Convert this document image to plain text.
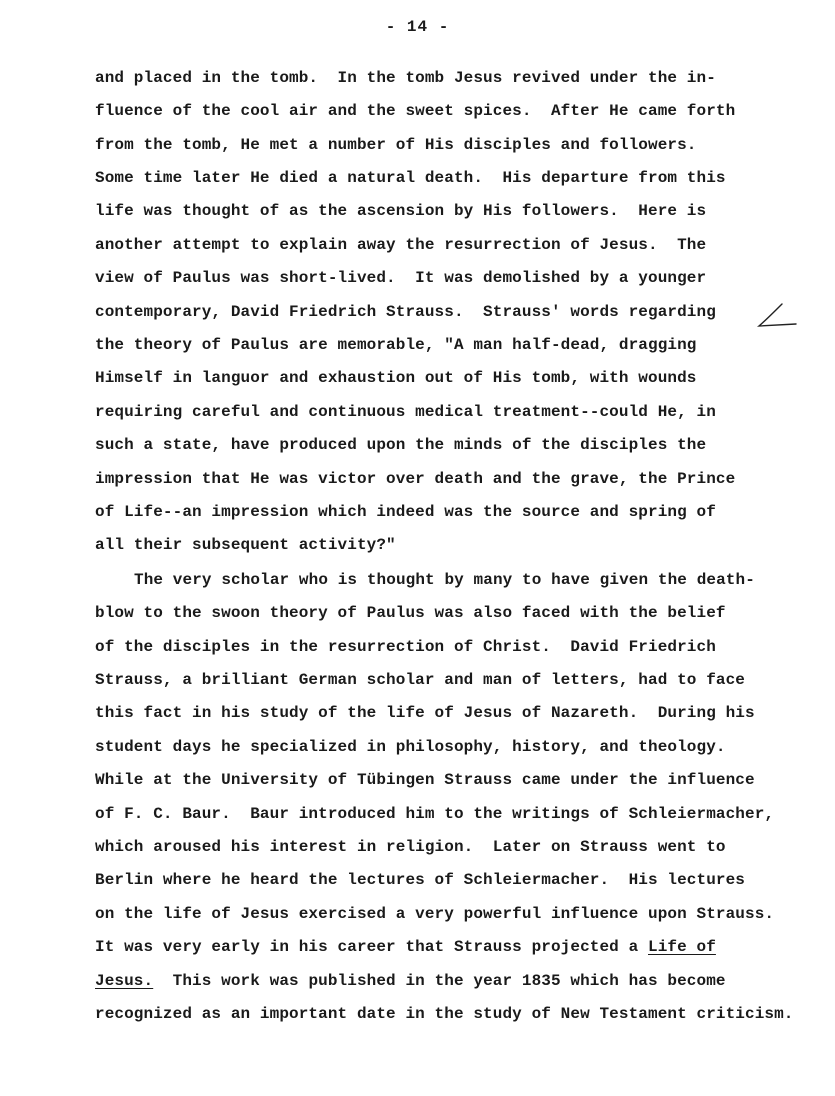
- 14 -
and placed in the tomb.  In the tomb Jesus revived under the in-
fluence of the cool air and the sweet spices.  After He came forth
from the tomb, He met a number of His disciples and followers.
Some time later He died a natural death.  His departure from this
life was thought of as the ascension by His followers.  Here is
another attempt to explain away the resurrection of Jesus.  The
view of Paulus was short-lived.  It was demolished by a younger
contemporary, David Friedrich Strauss.  Strauss' words regarding
the theory of Paulus are memorable, "A man half-dead, dragging
Himself in languor and exhaustion out of His tomb, with wounds
requiring careful and continuous medical treatment--could He, in
such a state, have produced upon the minds of the disciples the
impression that He was victor over death and the grave, the Prince
of Life--an impression which indeed was the source and spring of
all their subsequent activity?"
The very scholar who is thought by many to have given the death-
blow to the swoon theory of Paulus was also faced with the belief
of the disciples in the resurrection of Christ.  David Friedrich
Strauss, a brilliant German scholar and man of letters, had to face
this fact in his study of the life of Jesus of Nazareth.  During his
student days he specialized in philosophy, history, and theology.
While at the University of Tübingen Strauss came under the influence
of F. C. Baur.  Baur introduced him to the writings of Schleiermacher,
which aroused his interest in religion.  Later on Strauss went to
Berlin where he heard the lectures of Schleiermacher.  His lectures
on the life of Jesus exercised a very powerful influence upon Strauss.
It was very early in his career that Strauss projected a Life of
Jesus.  This work was published in the year 1835 which has become
recognized as an important date in the study of New Testament criticism.
